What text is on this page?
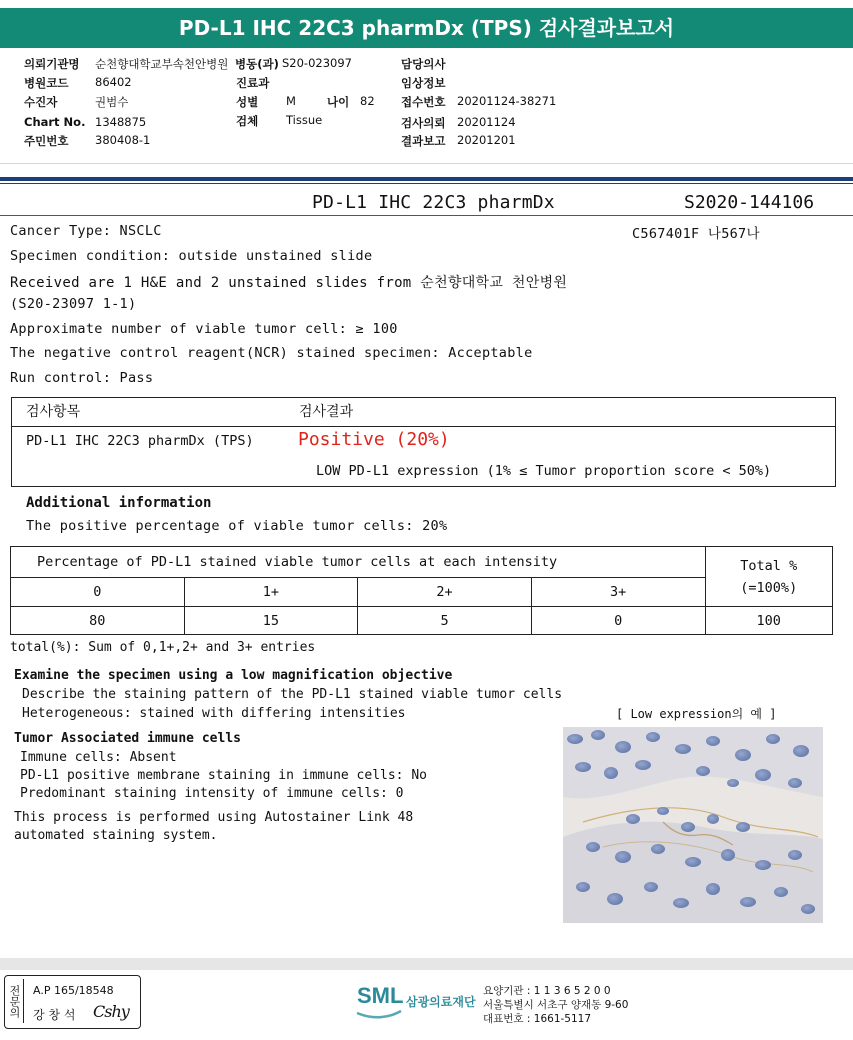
PD-L1 IHC 22C3 pharmDx (TPS) 검사결과보고서
의뢰기관명 순천향대학교부속천안병원 병동(과) S20-023097	담당의사
병원코드 86402	진료과	임상정보
수진자	권범수	성별 M	나이 82 접수번호 20201124-38271
Chart No. 1348875	검체 Tissue	검사의뢰 20201124
주민번호 380408-1	결과보고 20201201
PD-L1 IHC 22C3 pharmDx	S2020-144106
Cancer Type: NSCLC	C567401F 나567나
Specimen condition: outside unstained slide
Received are 1 H&E and 2 unstained slides from 순천향대학교 천안병원
(S20-23097 1-1)
Approximate number of viable tumor cell: ≥ 100
The negative control reagent(NCR) stained specimen: Acceptable
Run control: Pass
검사항목	검사결과
PD-L1 IHC 22C3 pharmDx (TPS) Positive (20%)
LOW PD-L1 expression (1% ≤ Tumor proportion score < 50%)
Additional information
The positive percentage of viable tumor cells: 20%
Percentage of PD-L1 stained viable tumor cells at each intensity				Total %
(=100%)

0	1+	2+	3+	
80	15	5	0	100
total(%): Sum of 0,1+,2+ and 3+ entries
Examine the specimen using a low magnification objective
Describe the staining pattern of the PD-L1 stained viable tumor cells
Heterogeneous: stained with differing intensities
Tumor Associated immune cells
Immune cells: Absent
PD-L1 positive membrane staining in immune cells: No
Predominant staining intensity of immune cells: 0
This process is performed using Autostainer Link 48
automated staining system.
[ Low expression의 예 ]
전문의 A.P 165/18548
강 창 석 Cshy
SML 삼광의료재단
요양기관 : 1 1 3 6 5 2 0 0
서울특별시 서초구 양재동 9-60
대표번호 : 1661-5117
